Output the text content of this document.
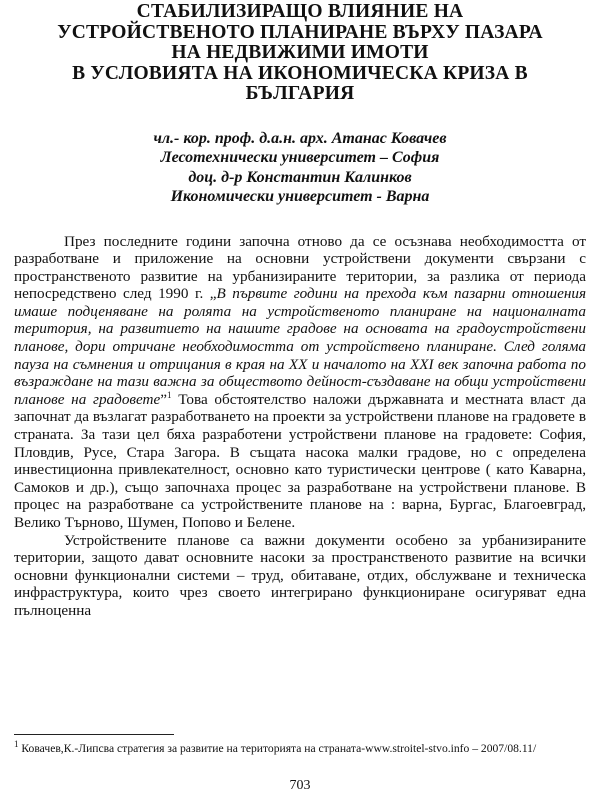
СТАБИЛИЗИРАЩО ВЛИЯНИЕ НА
УСТРОЙСТВЕНОТО ПЛАНИРАНЕ ВЪРХУ ПАЗАРА
НА НЕДВИЖИМИ ИМОТИ
В УСЛОВИЯТА НА ИКОНОМИЧЕСКА КРИЗА В
БЪЛГАРИЯ
чл.- кор. проф. д.а.н. арх. Атанас Ковачев
Лесотехнически университет – София
доц. д-р Константин Калинков
Икономически университет - Варна

През последните години започна отново да се осъзнава необходимостта от разработване и приложение на основни устройствени документи свързани с пространственото развитие на урбанизираните територии, за разлика от периода непосредствено след 1990 г. „В първите години на прехода към пазарни отношения имаше подценяване на ролята на устройственото планиране на националната територия, на развитието на нашите градове на основата на градоустройствени планове, дори отричане необходимостта от устройствено планиране. След голяма пауза на съмнения и отрицания в края на XX и началото на XXI век започна работа по възраждане на тази важна за обществото дейност-създаване на общи устройствени планове на градовете”$^1$ Това обстоятелство наложи държавната и местната власт да започнат да възлагат разработването на проекти за устройствени планове на градовете в страната. За тази цел бяха разработени устройствени планове на градовете: София, Пловдив, Русе, Стара Загора. В същата насока малки градове, но с определена инвестиционна привлекателност, основно като туристически центрове ( като Каварна, Самоков и др.), също започнаха процес за разработване на устройствени планове. В процес на разработване са устройствените планове на : варна, Бургас, Благоевград, Велико Търново, Шумен, Попово и Белене.

Устройствените планове са важни документи особено за урбанизираните територии, защото дават основните насоки за пространственото развитие на всички основни функционални системи – труд, обитаване, отдих, обслужване и техническа инфраструктура, които чрез своето интегрирано функциониране осигуряват една пълноценна

$^1$ Ковачев,К.-Липсва стратегия за развитие на територията на страната-www.stroitel-stvo.info – 2007/08.11/
703
